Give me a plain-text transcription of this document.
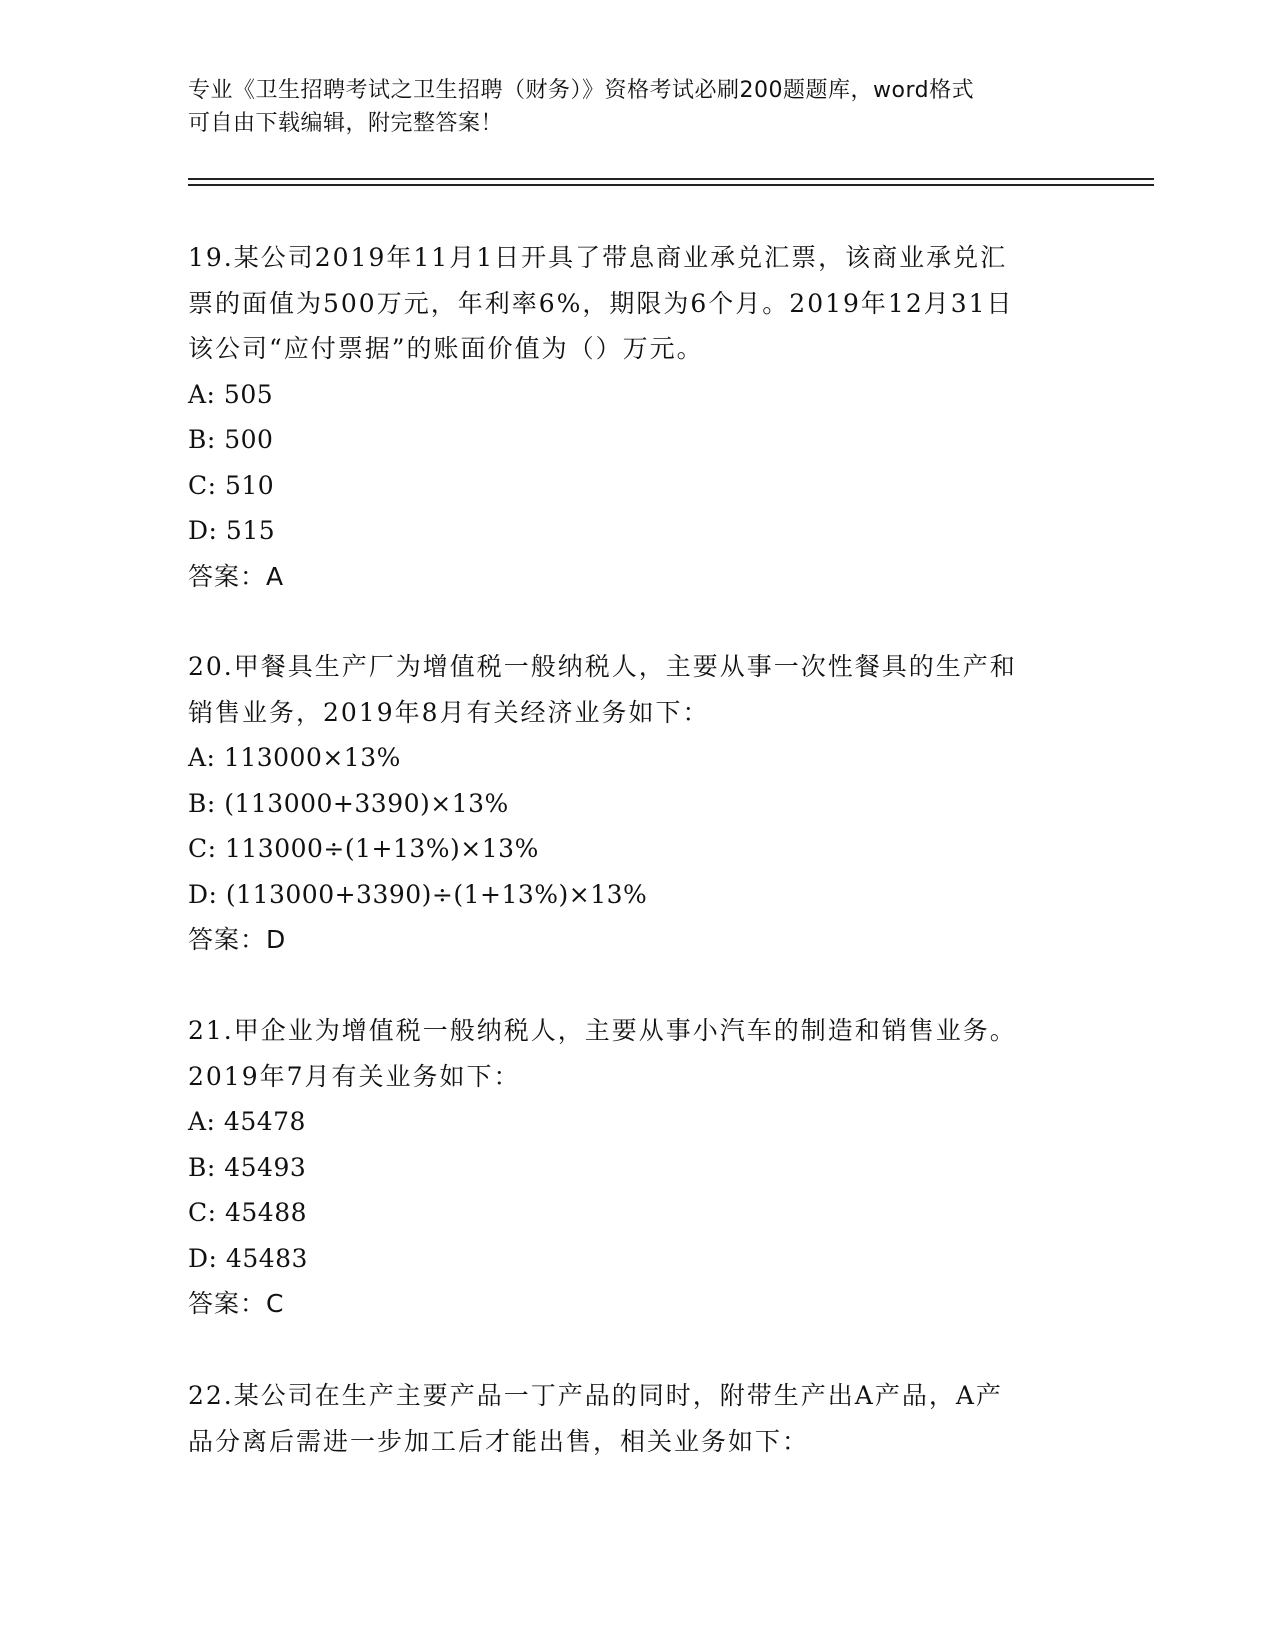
专业《卫生招聘考试之卫生招聘（财务）》资格考试必刷200题题库，word格式
可自由下载编辑，附完整答案！
19.某公司2019年11月1日开具了带息商业承兑汇票，该商业承兑汇
票的面值为500万元，年利率6%，期限为6个月。2019年12月31日
该公司“应付票据”的账面价值为（）万元。
A: 505
B: 500
C: 510
D: 515
答案：A
20.甲餐具生产厂为增值税一般纳税人，主要从事一次性餐具的生产和
销售业务，2019年8月有关经济业务如下：
A: 113000×13%
B: (113000+3390)×13%
C: 113000÷(1+13%)×13%
D: (113000+3390)÷(1+13%)×13%
答案：D
21.甲企业为增值税一般纳税人，主要从事小汽车的制造和销售业务。
2019年7月有关业务如下：
A: 45478
B: 45493
C: 45488
D: 45483
答案：C
22.某公司在生产主要产品一丁产品的同时，附带生产出A产品，A产
品分离后需进一步加工后才能出售，相关业务如下：
